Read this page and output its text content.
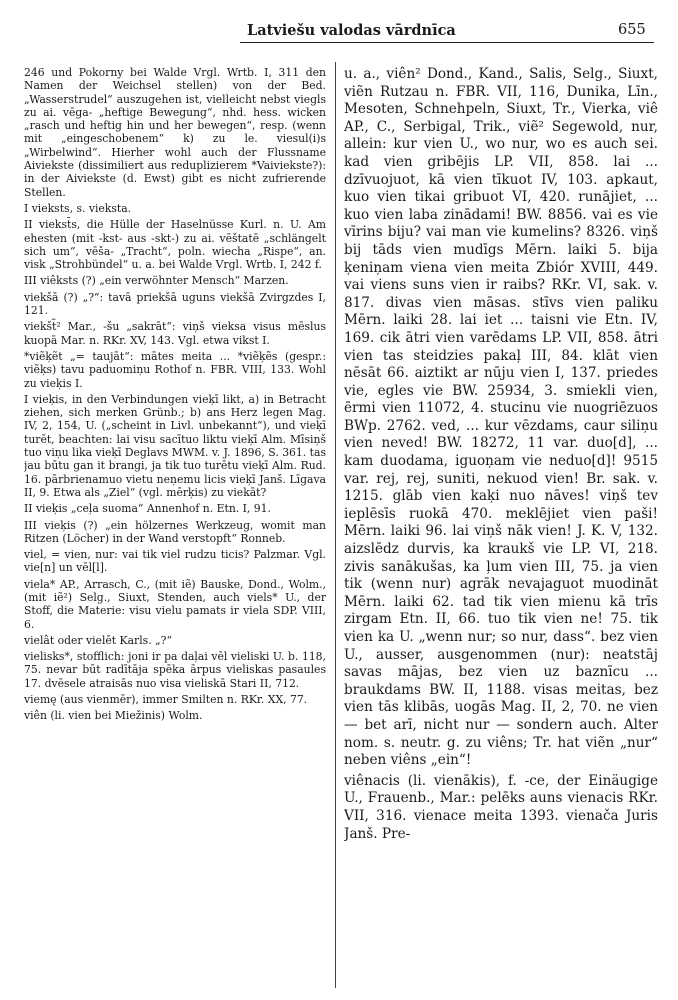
Latviešu valodas vārdnīca	655

246 und Pokorny bei Walde Vrgl. Wrtb. I, 311 den Namen der Weichsel stellen) von der Bed. „Wasserstrudel“ auszugehen ist, vielleicht nebst viegls zu ai. vēga- „heftige Bewegung“, nhd. hess. wicken „rasch und heftig hin und her bewegen“, resp. (wenn mit „eingeschobenem“ k) zu le. viesul(i)s „Wirbelwind“. Hierher wohl auch der Flussname Aiviekste (dissimiliert aus reduplizierem *Vaiviekste?): in der Aiviekste (d. Ewst) gibt es nicht zufrierende Stellen.

I vieksts, s. vieksta.

II viekst̄s, die Hülle der Haselnüsse Kurl. n. U. Am ehesten (mit -kst- aus -skt-) zu ai. vēštatē „schlängelt sich um“, vēša- „Tracht“, poln. wiecha „Rispe“, an. visk „Strohbündel“ u. a. bei Walde Vrgl. Wrtb. I, 242 f.

III viêksts (?) „ein verwöhnter Mensch“ Marzen.

viekšā (?) „?“: tavā priekšā uguns viekšā Zvirgzdes I, 121.

viekšt̃² Mar., -šu „sakrāt“: viņš vieksa visus mēslus kuopā Mar. n. RKr. XV, 143. Vgl. etwa vikst I.

*viẽķẽt „= taujāt“: mātes meita ... *viẽķẽs (gespr.: viẽķs) tavu paduomiņu Rothof n. FBR. VIII, 133. Wohl zu vieķis I.

I vieķis, in den Verbindungen vieķī likt, a) in Betracht ziehen, sich merken Grünb.; b) ans Herz legen Mag. IV, 2, 154, U. („scheint in Livl. unbekannt“), und vieķī turēt, beachten: lai visu sacītuo liktu vieķī Alm. Mīsiņš tuo viņu lika vieķī Deglavs MWM. v. J. 1896, S. 361. tas jau būtu gan it brangi, ja tik tuo turētu vieķī Alm. Rud. 16. pārbrienamuo vietu neņemu licis vieķī Janš. Līgava II, 9. Etwa als „Ziel“ (vgl. mērķis) zu viekāt?

II vieķis „ceļa suoma“ Annenhof n. Etn. I, 91.

III vieķis (?) „ein hölzernes Werkzeug, womit man Ritzen (Löcher) in der Wand verstopft“ Ronneb.

viel, = vien, nur: vai tik viel rudzu ticis? Palzmar. Vgl. vie[n] un vēl[l].

viela* AP., Arrasch, C., (mit iẽ) Bauske, Dond., Wolm., (mit iẽ²) Selg., Siuxt, Stenden, auch viels* U., der Stoff, die Materie: visu vielu pamats ir viela SDP. VIII, 6.

vielât oder vielēt Karls. „?“

vielisks*, stofflich: joni ir pa daļai vēl vieliski U. b. 118, 75. nevar būt radītāja spēka ārpus vieliskas pasaules 17. dvēsele atraisās nuo visa vieliskā Stari II, 712.

viemę (aus vienmēr), immer Smilten n. RKr. XX, 77.

viên (li. vien bei Miežinis) Wolm.

u. a., viên² Dond., Kand., Salis, Selg., Siuxt, viẽn Rutzau n. FBR. VII, 116, Dunika, Līn., Mesoten, Schnehpeln, Siuxt, Tr., Vierka, viê AP., C., Serbigal, Trik., viẽ² Segewold, nur, allein: kur vien U., wo nur, wo es auch sei. kad vien gribējis LP. VII, 858. lai ... dzīvuojuot, kā vien tīkuot IV, 103. apkaut, kuo vien tikai gribuot VI, 420. runājiet, ... kuo vien laba zinādami! BW. 8856. vai es vie vīrins biju? vai man vie kumelins? 8326. viņš bij tāds vien mudīgs Mērn. laiki 5. bija ķeniņam viena vien meita Zbiór XVIII, 449. vai viens suns vien ir raibs? RKr. VI, sak. v. 817. divas vien māsas. stīvs vien paliku Mērn. laiki 28. lai iet ... taisni vie Etn. IV, 169. cik ātri vien varēdams LP. VII, 858. ātri vien tas steidzies pakaļ III, 84. klāt vien nēsāt 66. aiztikt ar nūju vien I, 137. priedes vie, egles vie BW. 25934, 3. smiekli vien, ērmi vien 11072, 4. stucinu vie nuogriēzuos BWp. 2762. ved, ... kur vēzdams, caur siliņu vien neved! BW. 18272, 11 var. duo[d], ... kam duodama, iguoņam vie neduo[d]! 9515 var. rej, rej, suniti, nekuod vien! Br. sak. v. 1215. glāb vien kaķi nuo nāves! viņš tev ieplēsīs ruokā 470. meklējiet vien paši! Mērn. laiki 96. lai viņš nāk vien! J. K. V, 132. aizslēdz durvis, ka kraukš vie LP. VI, 218. zivis sanākušas, ka ļum vien III, 75. ja vien tik (wenn nur) agrāk nevajaguot muodināt Mērn. laiki 62. tad tik vien mienu kā trīs zirgam Etn. II, 66. tuo tik vien ne! 75. tik vien ka U. „wenn nur; so nur, dass“. bez vien U., ausser, ausgenommen (nur): neatstāj savas mājas, bez vien uz baznīcu ... braukdams BW. II, 1188. visas meitas, bez vien tās klibās, uogās Mag. II, 2, 70. ne vien — bet arī, nicht nur — sondern auch. Alter nom. s. neutr. g. zu viêns; Tr. hat viẽn „nur“ neben viêns „ein“!

viênacis (li. vienākis), f. -ce, der Einäugige U., Frauenb., Mar.: pelēks auns vienacis RKr. VII, 316. vienace meita 1393. vienača Juris Janš. Pre-
